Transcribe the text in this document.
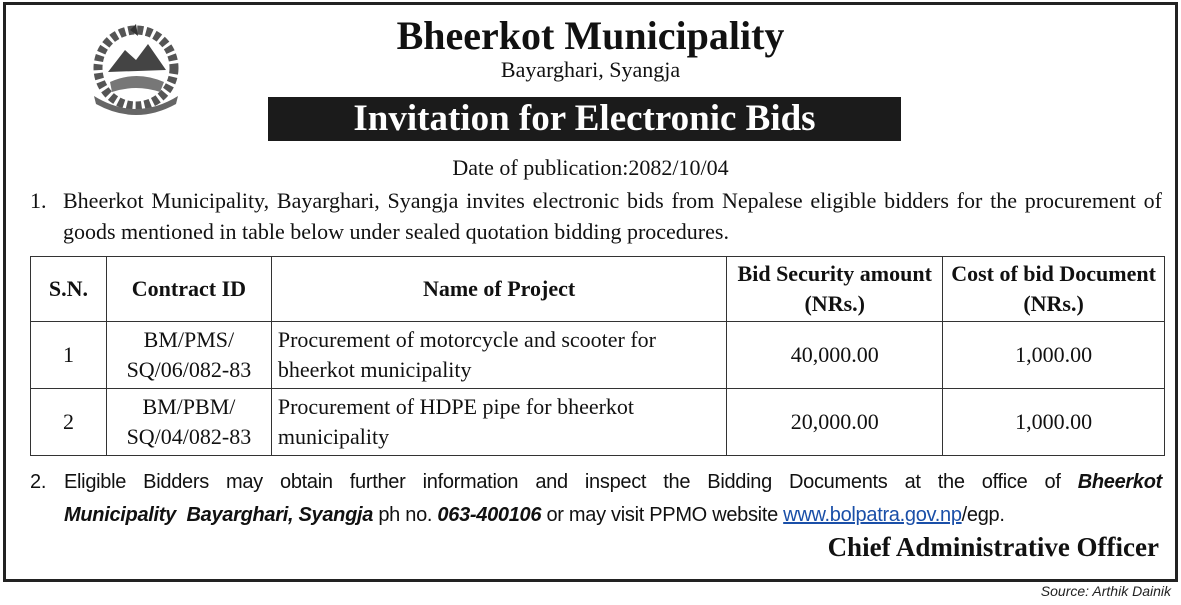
Bheerkot Municipality
Bayarghari, Syangja
Invitation for Electronic Bids
Date of publication:2082/10/04
1. Bheerkot Municipality, Bayarghari, Syangja invites electronic bids from Nepalese eligible bidders for the procurement of goods mentioned in table below under sealed quotation bidding procedures.
S.N.	Contract ID	Name of Project	Bid Security amount (NRs.)	Cost of bid Document (NRs.)
1	BM/PMS/ SQ/06/082-83	Procurement of motorcycle and scooter for bheerkot municipality	40,000.00	1,000.00
2	BM/PBM/ SQ/04/082-83	Procurement of HDPE pipe for bheerkot municipality	20,000.00	1,000.00
2. Eligible Bidders may obtain further information and inspect the Bidding Documents at the office of Bheerkot
Municipality  Bayarghari, Syangja ph no. 063-400106 or may visit PPMO website www.bolpatra.gov.np/egp.
Chief Administrative Officer
Source: Arthik Dainik
